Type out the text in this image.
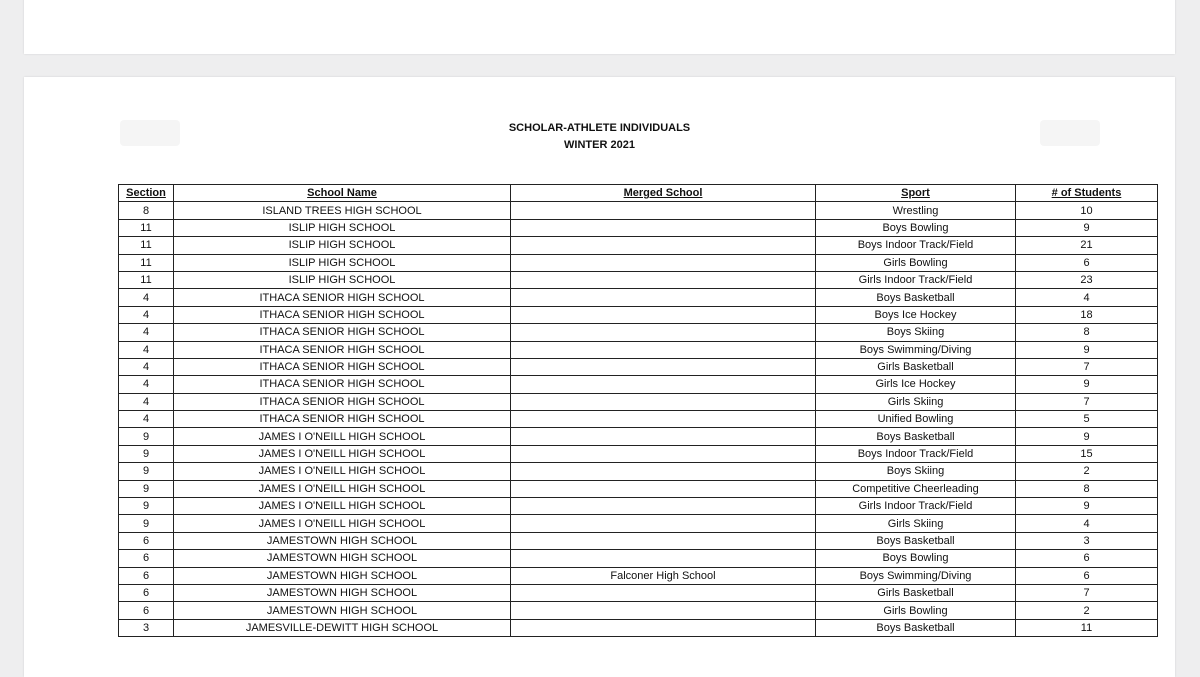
SCHOLAR-ATHLETE INDIVIDUALS
WINTER 2021
Section	School Name	Merged School	Sport	# of Students
8	ISLAND TREES HIGH SCHOOL		Wrestling	10
11	ISLIP HIGH SCHOOL		Boys Bowling	9
11	ISLIP HIGH SCHOOL		Boys Indoor Track/Field	21
11	ISLIP HIGH SCHOOL		Girls Bowling	6
11	ISLIP HIGH SCHOOL		Girls Indoor Track/Field	23
4	ITHACA SENIOR HIGH SCHOOL		Boys Basketball	4
4	ITHACA SENIOR HIGH SCHOOL		Boys Ice Hockey	18
4	ITHACA SENIOR HIGH SCHOOL		Boys Skiing	8
4	ITHACA SENIOR HIGH SCHOOL		Boys Swimming/Diving	9
4	ITHACA SENIOR HIGH SCHOOL		Girls Basketball	7
4	ITHACA SENIOR HIGH SCHOOL		Girls Ice Hockey	9
4	ITHACA SENIOR HIGH SCHOOL		Girls Skiing	7
4	ITHACA SENIOR HIGH SCHOOL		Unified Bowling	5
9	JAMES I O'NEILL HIGH SCHOOL		Boys Basketball	9
9	JAMES I O'NEILL HIGH SCHOOL		Boys Indoor Track/Field	15
9	JAMES I O'NEILL HIGH SCHOOL		Boys Skiing	2
9	JAMES I O'NEILL HIGH SCHOOL		Competitive Cheerleading	8
9	JAMES I O'NEILL HIGH SCHOOL		Girls Indoor Track/Field	9
9	JAMES I O'NEILL HIGH SCHOOL		Girls Skiing	4
6	JAMESTOWN HIGH SCHOOL		Boys Basketball	3
6	JAMESTOWN HIGH SCHOOL		Boys Bowling	6
6	JAMESTOWN HIGH SCHOOL	Falconer High School	Boys Swimming/Diving	6
6	JAMESTOWN HIGH SCHOOL		Girls Basketball	7
6	JAMESTOWN HIGH SCHOOL		Girls Bowling	2
3	JAMESVILLE-DEWITT HIGH SCHOOL		Boys Basketball	11
